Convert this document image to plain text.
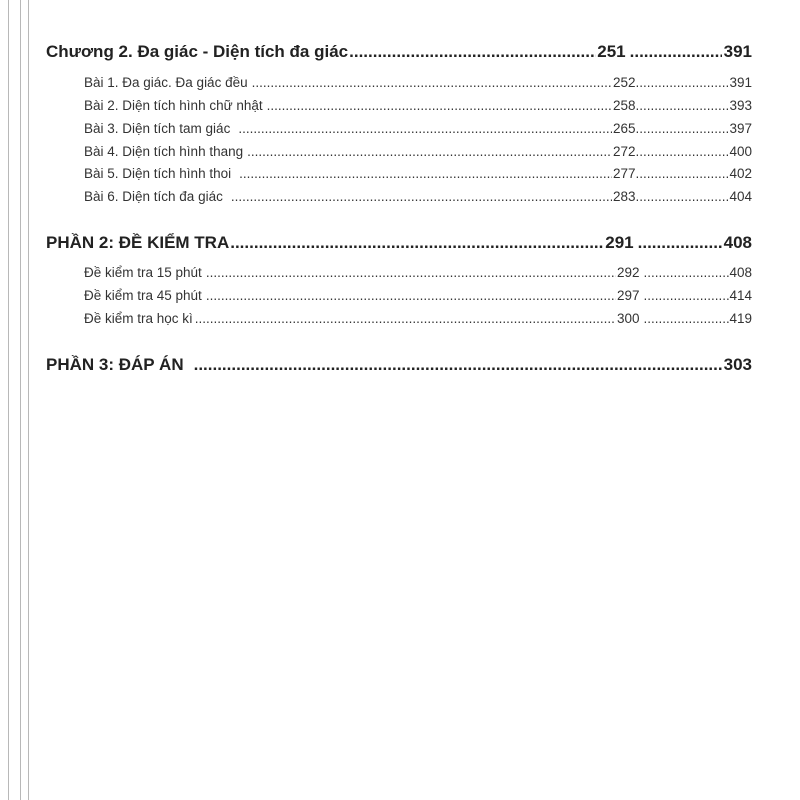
Chương 2. Đa giác - Diện tích đa giác .....	251 .....	391
Bài 1. Đa giác. Đa giác đều .....	252 .....	391
Bài 2. Diện tích hình chữ nhật .....	258 .....	393
Bài 3. Diện tích tam giác .....	265 .....	397
Bài 4. Diện tích hình thang .....	272 .....	400
Bài 5. Diện tích hình thoi .....	277 .....	402
Bài 6. Diện tích đa giác .....	283 .....	404
PHẦN 2: ĐỀ KIỂM TRA .....	291 .....	408
Đề kiểm tra 15 phút .....	292 .....	408
Đề kiểm tra 45 phút .....	297 .....	414
Đề kiểm tra học kì .....	300 .....	419
PHẦN 3: ĐÁP ÁN .....	303
